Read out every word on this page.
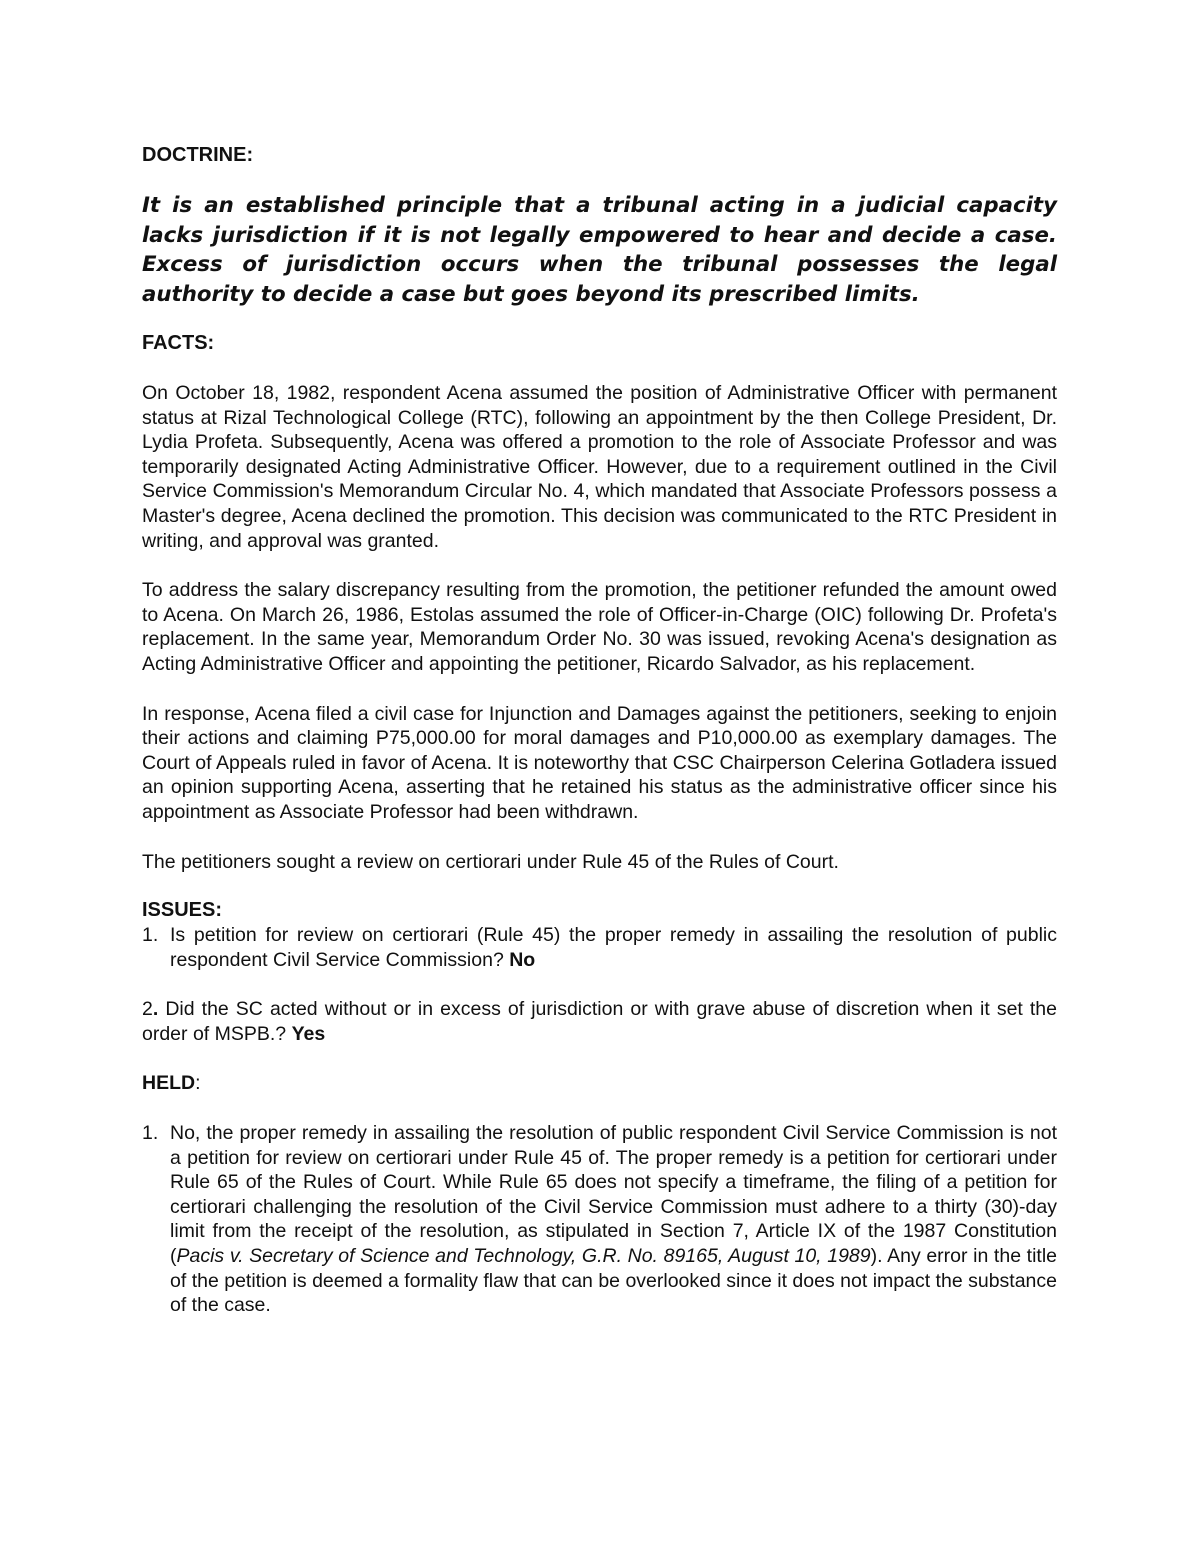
DOCTRINE:
It is an established principle that a tribunal acting in a judicial capacity lacks jurisdiction if it is not legally empowered to hear and decide a case. Excess of jurisdiction occurs when the tribunal possesses the legal authority to decide a case but goes beyond its prescribed limits.
FACTS:
On October 18, 1982, respondent Acena assumed the position of Administrative Officer with permanent status at Rizal Technological College (RTC), following an appointment by the then College President, Dr. Lydia Profeta. Subsequently, Acena was offered a promotion to the role of Associate Professor and was temporarily designated Acting Administrative Officer. However, due to a requirement outlined in the Civil Service Commission's Memorandum Circular No. 4, which mandated that Associate Professors possess a Master's degree, Acena declined the promotion. This decision was communicated to the RTC President in writing, and approval was granted.
To address the salary discrepancy resulting from the promotion, the petitioner refunded the amount owed to Acena. On March 26, 1986, Estolas assumed the role of Officer-in-Charge (OIC) following Dr. Profeta's replacement. In the same year, Memorandum Order No. 30 was issued, revoking Acena's designation as Acting Administrative Officer and appointing the petitioner, Ricardo Salvador, as his replacement.
In response, Acena filed a civil case for Injunction and Damages against the petitioners, seeking to enjoin their actions and claiming P75,000.00 for moral damages and P10,000.00 as exemplary damages. The Court of Appeals ruled in favor of Acena. It is noteworthy that CSC Chairperson Celerina Gotladera issued an opinion supporting Acena, asserting that he retained his status as the administrative officer since his appointment as Associate Professor had been withdrawn.
The petitioners sought a review on certiorari under Rule 45 of the Rules of Court.
ISSUES:
1. Is petition for review on certiorari (Rule 45) the proper remedy in assailing the resolution of public respondent Civil Service Commission? No
2. Did the SC acted without or in excess of jurisdiction or with grave abuse of discretion when it set the order of MSPB.? Yes
HELD:
1. No, the proper remedy in assailing the resolution of public respondent Civil Service Commission is not a petition for review on certiorari under Rule 45 of. The proper remedy is a petition for certiorari under Rule 65 of the Rules of Court. While Rule 65 does not specify a timeframe, the filing of a petition for certiorari challenging the resolution of the Civil Service Commission must adhere to a thirty (30)-day limit from the receipt of the resolution, as stipulated in Section 7, Article IX of the 1987 Constitution (Pacis v. Secretary of Science and Technology, G.R. No. 89165, August 10, 1989). Any error in the title of the petition is deemed a formality flaw that can be overlooked since it does not impact the substance of the case.
